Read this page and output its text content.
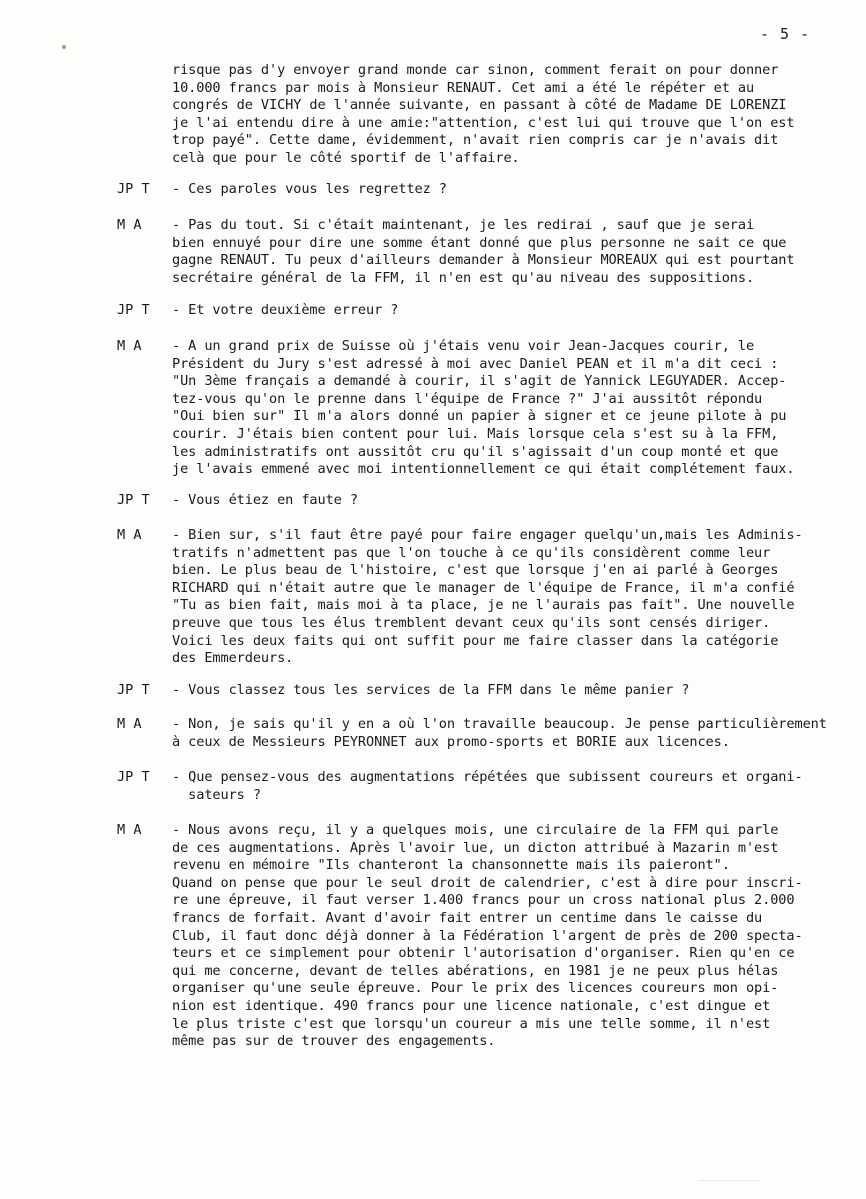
- 5 -
risque pas d'y envoyer grand monde car sinon, comment ferait on pour donner
10.000 francs par mois à Monsieur RENAUT. Cet ami a été le répéter et au
congrés de VICHY de l'année suivante, en passant à côté de Madame DE LORENZI
je l'ai entendu dire à une amie:"attention, c'est lui qui trouve que l'on est
trop payé". Cette dame, évidemment, n'avait rien compris car je n'avais dit
celà que pour le côté sportif de l'affaire.
JP T - Ces paroles vous les regrettez ?
M A - Pas du tout. Si c'était maintenant, je les redirai , sauf que je serai
bien ennuyé pour dire une somme étant donné que plus personne ne sait ce que
gagne RENAUT. Tu peux d'ailleurs demander à Monsieur MOREAUX qui est pourtant
secrétaire général de la FFM, il n'en est qu'au niveau des suppositions.
JP T - Et votre deuxième erreur ?
M A - A un grand prix de Suisse où j'étais venu voir Jean-Jacques courir, le
Président du Jury s'est adressé à moi avec Daniel PEAN et il m'a dit ceci :
"Un 3ème français a demandé à courir, il s'agit de Yannick LEGUYADER. Accep-
tez-vous qu'on le prenne dans l'équipe de France ?" J'ai aussitôt répondu
"Oui bien sur" Il m'a alors donné un papier à signer et ce jeune pilote à pu
courir. J'étais bien content pour lui. Mais lorsque cela s'est su à la FFM,
les administratifs ont aussitôt cru qu'il s'agissait d'un coup monté et que
je l'avais emmené avec moi intentionnellement ce qui était complétement faux.
JP T - Vous étiez en faute ?
M A - Bien sur, s'il faut être payé pour faire engager quelqu'un,mais les Adminis-
tratifs n'admettent pas que l'on touche à ce qu'ils considèrent comme leur
bien. Le plus beau de l'histoire, c'est que lorsque j'en ai parlé à Georges
RICHARD qui n'était autre que le manager de l'équipe de France, il m'a confié
"Tu as bien fait, mais moi à ta place, je ne l'aurais pas fait". Une nouvelle
preuve que tous les élus tremblent devant ceux qu'ils sont censés diriger.
Voici les deux faits qui ont suffit pour me faire classer dans la catégorie
des Emmerdeurs.
JP T - Vous classez tous les services de la FFM dans le même panier ?
M A - Non, je sais qu'il y en a où l'on travaille beaucoup. Je pense particulièrement
à ceux de Messieurs PEYRONNET aux promo-sports et BORIE aux licences.
JP T - Que pensez-vous des augmentations répétées que subissent coureurs et organi-
sateurs ?
M A - Nous avons reçu, il y a quelques mois, une circulaire de la FFM qui parle
de ces augmentations. Après l'avoir lue, un dicton attribué à Mazarin m'est
revenu en mémoire "Ils chanteront la chansonnette mais ils paieront".
Quand on pense que pour le seul droit de calendrier, c'est à dire pour inscri-
re une épreuve, il faut verser 1.400 francs pour un cross national plus 2.000
francs de forfait. Avant d'avoir fait entrer un centime dans le caisse du
Club, il faut donc déjà donner à la Fédération l'argent de près de 200 specta-
teurs et ce simplement pour obtenir l'autorisation d'organiser. Rien qu'en ce
qui me concerne, devant de telles abérations, en 1981 je ne peux plus hélas
organiser qu'une seule épreuve. Pour le prix des licences coureurs mon opi-
nion est identique. 490 francs pour une licence nationale, c'est dingue et
le plus triste c'est que lorsqu'un coureur a mis une telle somme, il n'est
même pas sur de trouver des engagements.
